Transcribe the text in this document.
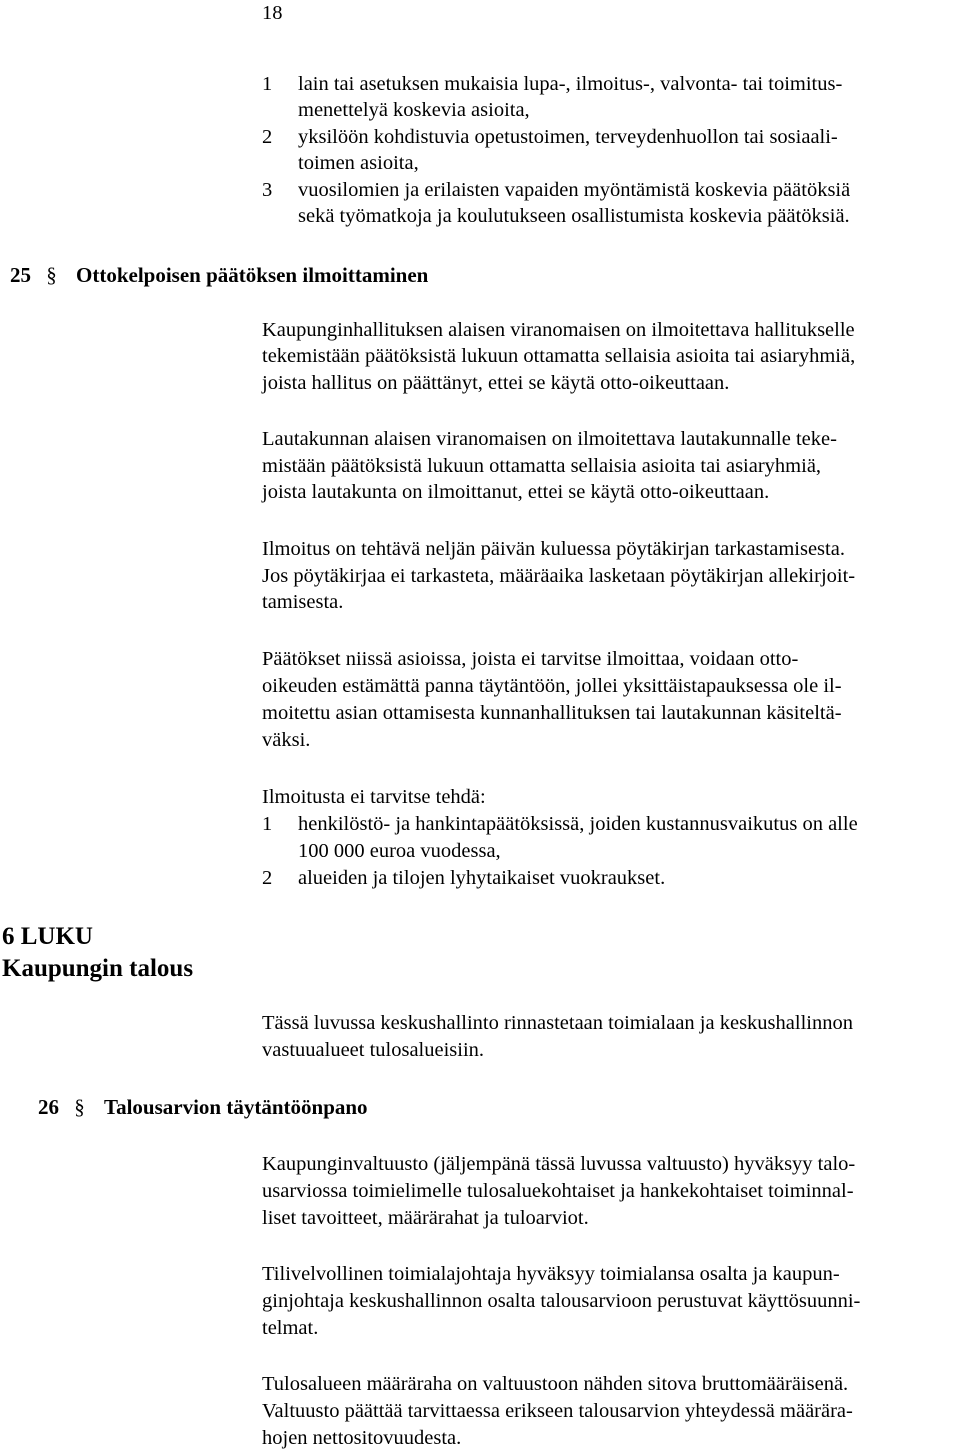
18
1 lain tai asetuksen mukaisia lupa-, ilmoitus-, valvonta- tai toimitus-
menettelyä koskevia asioita,
2 yksilöön kohdistuvia opetustoimen, terveydenhuollon tai sosiaali-
toimen asioita,
3 vuosilomien ja erilaisten vapaiden myöntämistä koskevia päätöksiä
sekä työmatkoja ja koulutukseen osallistumista koskevia päätöksiä.
25 § Ottokelpoisen päätöksen ilmoittaminen
Kaupunginhallituksen alaisen viranomaisen on ilmoitettava hallitukselle
tekemistään päätöksistä lukuun ottamatta sellaisia asioita tai asiaryhmiä,
joista hallitus on päättänyt, ettei se käytä otto-oikeuttaan.
Lautakunnan alaisen viranomaisen on ilmoitettava lautakunnalle teke-
mistään päätöksistä lukuun ottamatta sellaisia asioita tai asiaryhmiä,
joista lautakunta on ilmoittanut, ettei se käytä otto-oikeuttaan.
Ilmoitus on tehtävä neljän päivän kuluessa pöytäkirjan tarkastamisesta.
Jos pöytäkirjaa ei tarkasteta, määräaika lasketaan pöytäkirjan allekirjoit-
tamisesta.
Päätökset niissä asioissa, joista ei tarvitse ilmoittaa, voidaan otto-
oikeuden estämättä panna täytäntöön, jollei yksittäistapauksessa ole il-
moitettu asian ottamisesta kunnanhallituksen tai lautakunnan käsiteltä-
väksi.
Ilmoitusta ei tarvitse tehdä:
1 henkilöstö- ja hankintapäätöksissä, joiden kustannusvaikutus on alle
100 000 euroa vuodessa,
2 alueiden ja tilojen lyhytaikaiset vuokraukset.
6 LUKU
Kaupungin talous
Tässä luvussa keskushallinto rinnastetaan toimialaan ja keskushallinnon
vastuualueet tulosalueisiin.
26 § Talousarvion täytäntöönpano
Kaupunginvaltuusto (jäljempänä tässä luvussa valtuusto) hyväksyy talo-
usarviossa toimielimelle tulosaluekohtaiset ja hankekohtaiset toiminnal-
liset tavoitteet, määrärahat ja tuloarviot.
Tilivelvollinen toimialajohtaja hyväksyy toimialansa osalta ja kaupun-
ginjohtaja keskushallinnon osalta talousarvioon perustuvat käyttösuunni-
telmat.
Tulosalueen määräraha on valtuustoon nähden sitova bruttomääräisenä.
Valtuusto päättää tarvittaessa erikseen talousarvion yhteydessä määrära-
hojen nettositovuudesta.
